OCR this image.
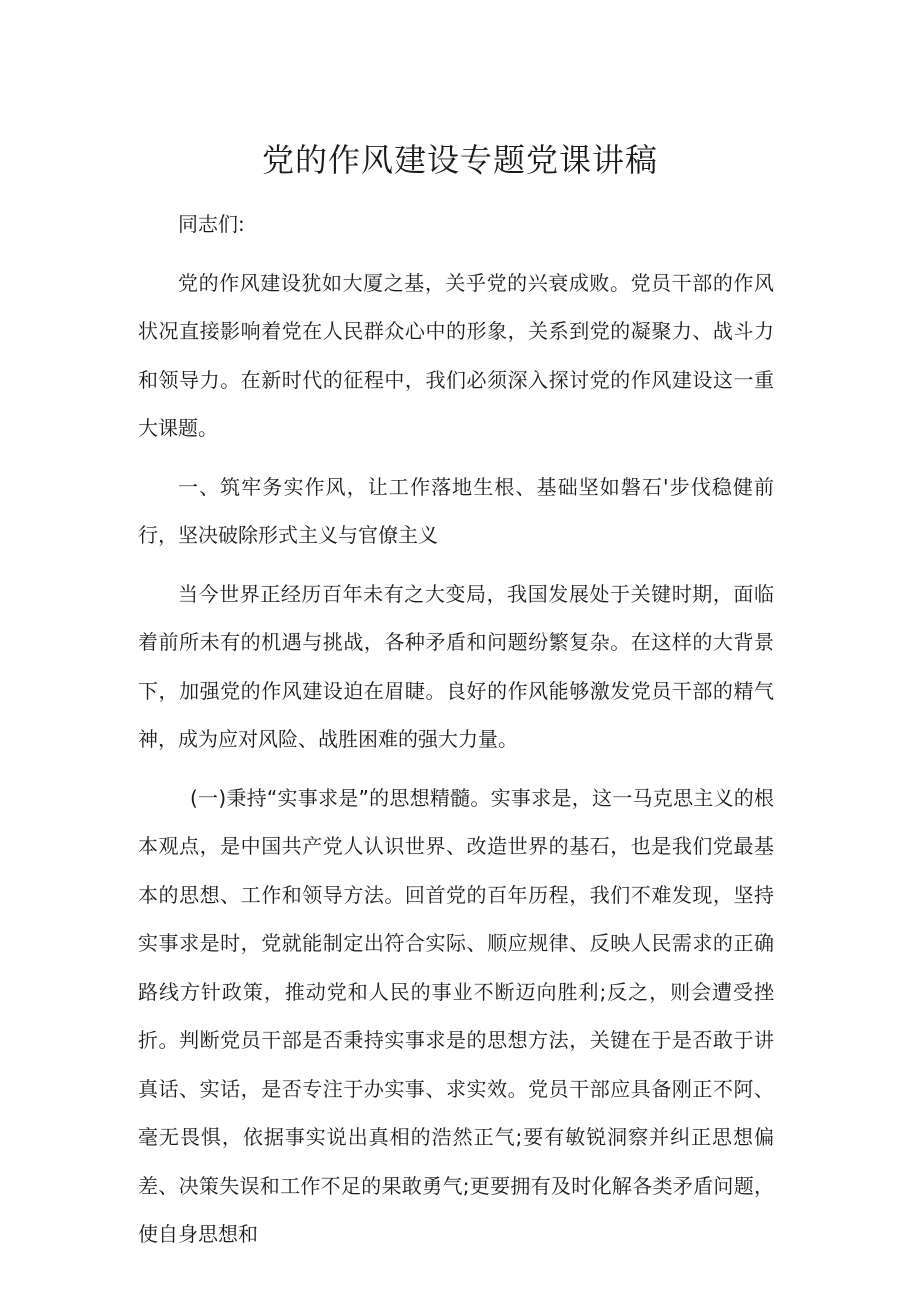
党的作风建设专题党课讲稿

同志们:

党的作风建设犹如大厦之基，关乎党的兴衰成败。党员干部的作风状况直接影响着党在人民群众心中的形象，关系到党的凝聚力、战斗力和领导力。在新时代的征程中，我们必须深入探讨党的作风建设这一重大课题。

一、筑牢务实作风，让工作落地生根、基础坚如磐石'步伐稳健前行，坚决破除形式主义与官僚主义

当今世界正经历百年未有之大变局，我国发展处于关键时期，面临着前所未有的机遇与挑战，各种矛盾和问题纷繁复杂。在这样的大背景下，加强党的作风建设迫在眉睫。良好的作风能够激发党员干部的精气神，成为应对风险、战胜困难的强大力量。

(一)秉持“实事求是”的思想精髓。实事求是，这一马克思主义的根本观点，是中国共产党人认识世界、改造世界的基石，也是我们党最基本的思想、工作和领导方法。回首党的百年历程，我们不难发现，坚持实事求是时，党就能制定出符合实际、顺应规律、反映人民需求的正确路线方针政策，推动党和人民的事业不断迈向胜利;反之，则会遭受挫折。判断党员干部是否秉持实事求是的思想方法，关键在于是否敢于讲真话、实话，是否专注于办实事、求实效。党员干部应具备刚正不阿、毫无畏惧，依据事实说出真相的浩然正气;要有敏锐洞察并纠正思想偏差、决策失误和工作不足的果敢勇气;更要拥有及时化解各类矛盾问题，使自身思想和
